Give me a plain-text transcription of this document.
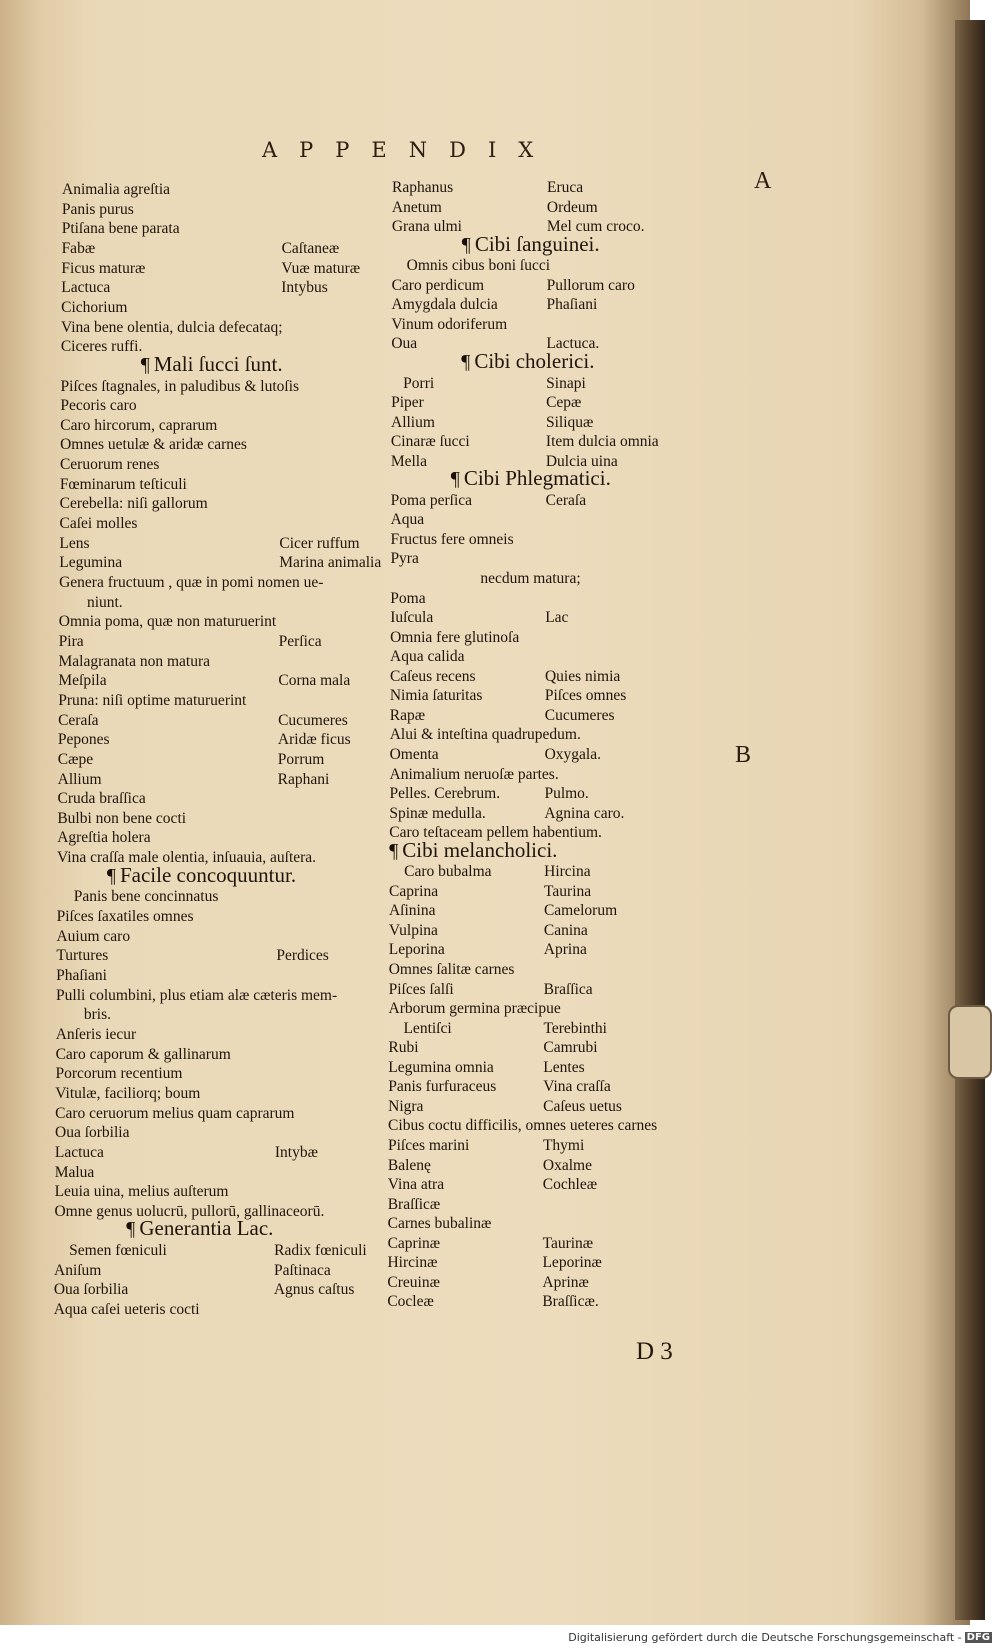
APPENDIX
Animalia agreſtia
Panis purus
Ptiſana bene parata
Fabæ	Caſtaneæ
Ficus maturæ	Vuæ maturæ
Lactuca	Intybus
Cichorium
Vina bene olentia, dulcia defecataq;
Ciceres ruffi.
¶ Mali ſucci ſunt.
Piſces ſtagnales, in paludibus & lutoſis
Pecoris caro
Caro hircorum, caprarum
Omnes uetulæ & aridæ carnes
Ceruorum renes
Fœminarum teſticuli
Cerebella: niſi gallorum
Caſei molles
Lens	Cicer ruffum
Legumina	Marina animalia
Genera fructuum , quæ in pomi nomen ue-
niunt.
Omnia poma, quæ non maturuerint
Pira	Perſica
Malagranata non matura
Meſpila	Corna mala
Pruna: niſi optime maturuerint
Ceraſa	Cucumeres
Pepones	Aridæ ficus
Cæpe	Porrum
Allium	Raphani
Cruda braſſica
Bulbi non bene cocti
Agreſtia holera
Vina craſſa male olentia, inſuauia, auſtera.
¶ Facile concoquuntur.
Panis bene concinnatus
Piſces ſaxatiles omnes
Auium caro
Turtures	Perdices
Phaſiani
Pulli columbini, plus etiam alæ cæteris mem-
bris.
Anſeris iecur
Caro caporum & gallinarum
Porcorum recentium
Vitulæ, faciliorq; boum
Caro ceruorum melius quam caprarum
Oua ſorbilia
Lactuca	Intybæ
Malua
Leuia uina, melius auſterum
Omne genus uolucrū, pullorū, gallinaceorū.
¶ Generantia Lac.
Semen fœniculi	Radix fœniculi
Aniſum	Paſtinaca
Oua ſorbilia	Agnus caſtus
Aqua caſei ueteris cocti
Raphanus	Eruca
Anetum	Ordeum
Grana ulmi	Mel cum croco.
¶ Cibi ſanguinei.
Omnis cibus boni ſucci
Caro perdicum	Pullorum caro
Amygdala dulcia	Phaſiani
Vinum odoriferum
Oua	Lactuca.
¶ Cibi cholerici.
Porri	Sinapi
Piper	Cepæ
Allium	Siliquæ
Cinaræ ſucci	Item dulcia omnia
Mella	Dulcia uina
¶ Cibi Phlegmatici.
Poma perſica	Ceraſa
Aqua
Fructus fere omneis
Pyra
necdum matura;
Poma
Iuſcula	Lac
Omnia fere glutinoſa
Aqua calida
Caſeus recens	Quies nimia
Nimia ſaturitas	Piſces omnes
Rapæ	Cucumeres
Alui & inteſtina quadrupedum.
Omenta	Oxygala.
Animalium neruoſæ partes.
Pelles. Cerebrum.	Pulmo.
Spinæ medulla.	Agnina caro.
Caro teſtaceam pellem habentium.
¶ Cibi melancholici.
Caro bubalma	Hircina
Caprina	Taurina
Aſinina	Camelorum
Vulpina	Canina
Leporina	Aprina
Omnes ſalitæ carnes
Piſces ſalſi	Braſſica
Arborum germina præcipue
Lentiſci	Terebinthi
Rubi	Camrubi
Legumina omnia	Lentes
Panis furfuraceus	Vina craſſa
Nigra	Caſeus uetus
Cibus coctu difficilis, omnes ueteres carnes
Piſces marini	Thymi
Balenę	Oxalme
Vina atra	Cochleæ
Braſſicæ
Carnes bubalinæ
Caprinæ	Taurinæ
Hircinæ	Leporinæ
Creuinæ	Aprinæ
Cocleæ	Braſſicæ.
A
B
D 3
Digitalisierung gefördert durch die Deutsche Forschungsgemeinschaft - DFG
